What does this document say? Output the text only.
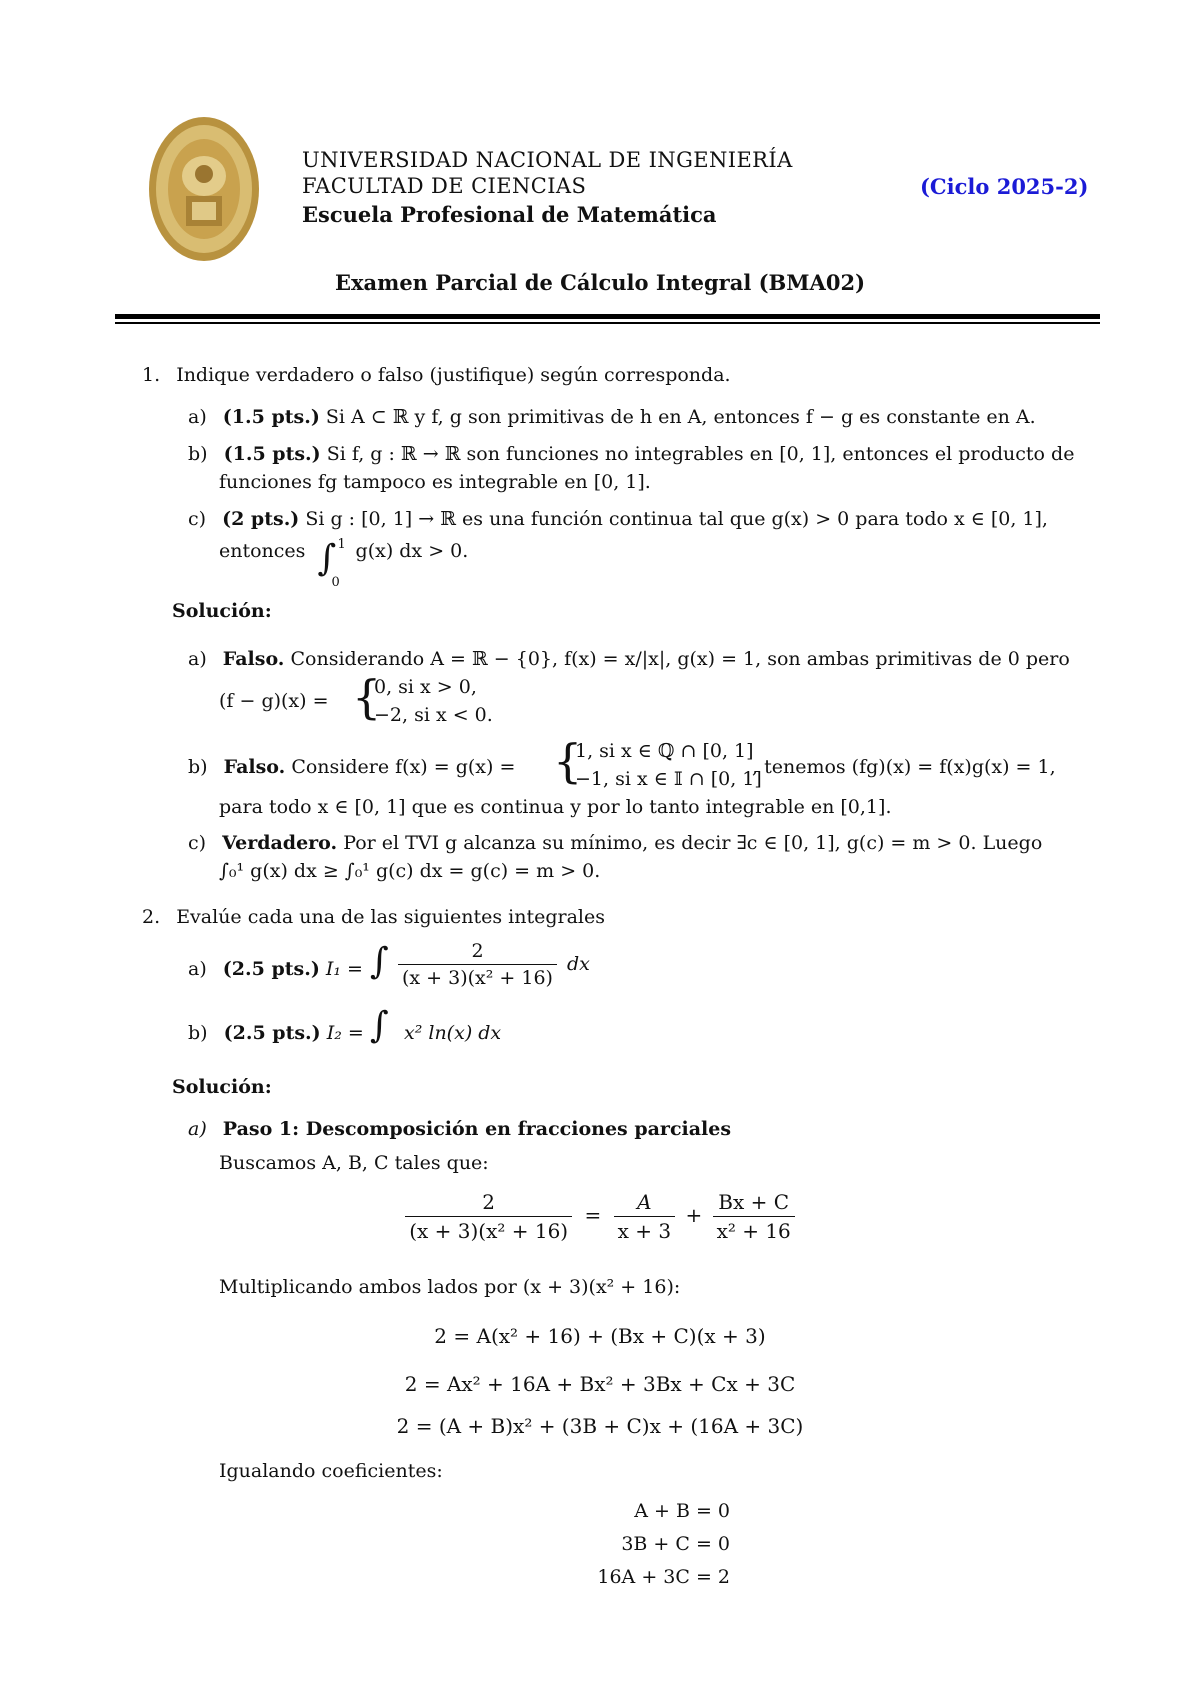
UNIVERSIDAD NACIONAL DE INGENIERÍA
FACULTAD DE CIENCIAS
Escuela Profesional de Matemática
(Ciclo 2025-2)
Examen Parcial de Cálculo Integral (BMA02)
1. Indique verdadero o falso (justifique) según corresponda.
a) (1.5 pts.) Si A ⊂ ℝ y f, g son primitivas de h en A, entonces f − g es constante en A.
b) (1.5 pts.) Si f, g : ℝ → ℝ son funciones no integrables en [0, 1], entonces el producto de
funciones fg tampoco es integrable en [0, 1].
c) (2 pts.) Si g : [0, 1] → ℝ es una función continua tal que g(x) > 0 para todo x ∈ [0, 1],
entonces ∫ 1
0
g(x) dx > 0.
Solución:
a) Falso. Considerando A = ℝ − {0}, f(x) = x/|x|, g(x) = 1, son ambas primitivas de 0 pero
(f − g)(x) = {
0, si x > 0,
−2, si x < 0.
b) Falso. Considere f(x) = g(x) = {
1, si x ∈ ℚ ∩ [0, 1]
−1, si x ∈ 𝕀 ∩ [0, 1]
, tenemos (fg)(x) = f(x)g(x) = 1,
para todo x ∈ [0, 1] que es continua y por lo tanto integrable en [0,1].
c) Verdadero. Por el TVI g alcanza su mínimo, es decir ∃c ∈ [0, 1], g(c) = m > 0. Luego
∫₀¹ g(x) dx ≥ ∫₀¹ g(c) dx = g(c) = m > 0.
2. Evalúe cada una de las siguientes integrales
a) (2.5 pts.) I₁ = ∫ $\frac{2}{\text{(x + 3)(x² + 16)}}$ dx
b) (2.5 pts.) I₂ = ∫ x² ln(x) dx
Solución:
a) Paso 1: Descomposición en fracciones parciales
Buscamos A, B, C tales que:
$\frac{2}{\text{(x + 3)(x² + 16)}} = \frac{A}{x + 3} + \frac{Bx + C}{\text{x² + 16}}$
Multiplicando ambos lados por (x + 3)(x² + 16):
2 = A(x² + 16) + (Bx + C)(x + 3)
2 = Ax² + 16A + Bx² + 3Bx + Cx + 3C
2 = (A + B)x² + (3B + C)x + (16A + 3C)
Igualando coeficientes:
A + B = 0
3B + C = 0
16A + 3C = 2
